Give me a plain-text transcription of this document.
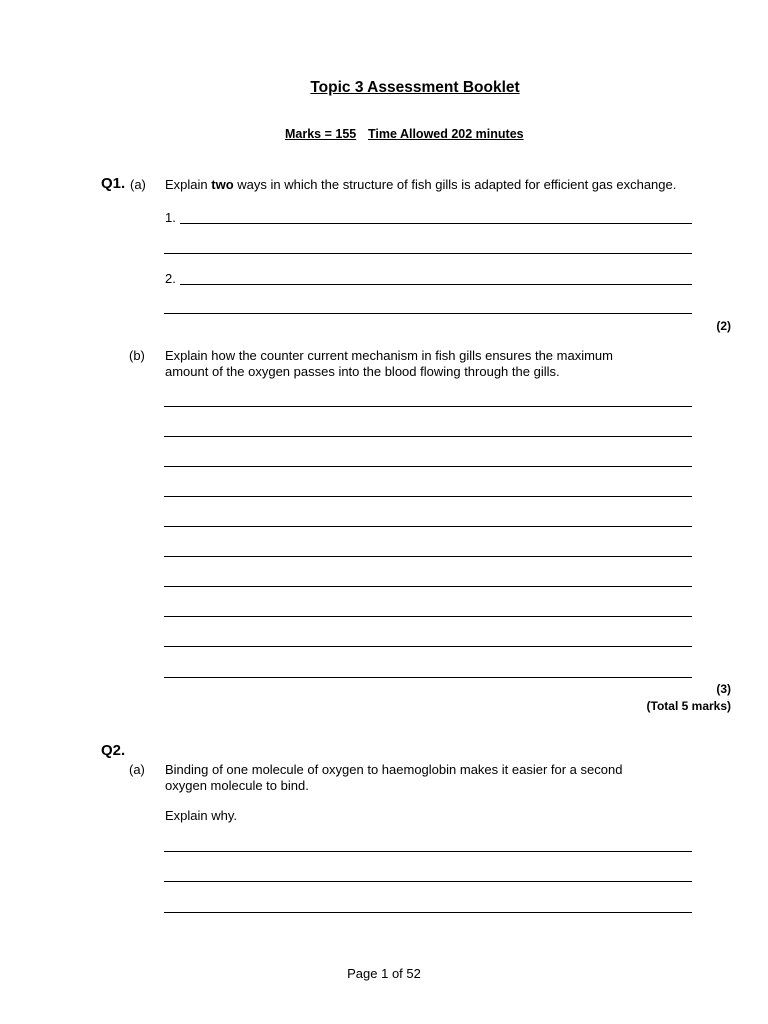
Topic 3 Assessment Booklet
Marks = 155 Time Allowed 202 minutes
Q1. (a) Explain two ways in which the structure of fish gills is adapted for efficient gas exchange.
1.
2.
(2)
(b) Explain how the counter current mechanism in fish gills ensures the maximum
amount of the oxygen passes into the blood flowing through the gills.
(3)
(Total 5 marks)
Q2.
(a) Binding of one molecule of oxygen to haemoglobin makes it easier for a second
oxygen molecule to bind.
Explain why.
Page 1 of 52
